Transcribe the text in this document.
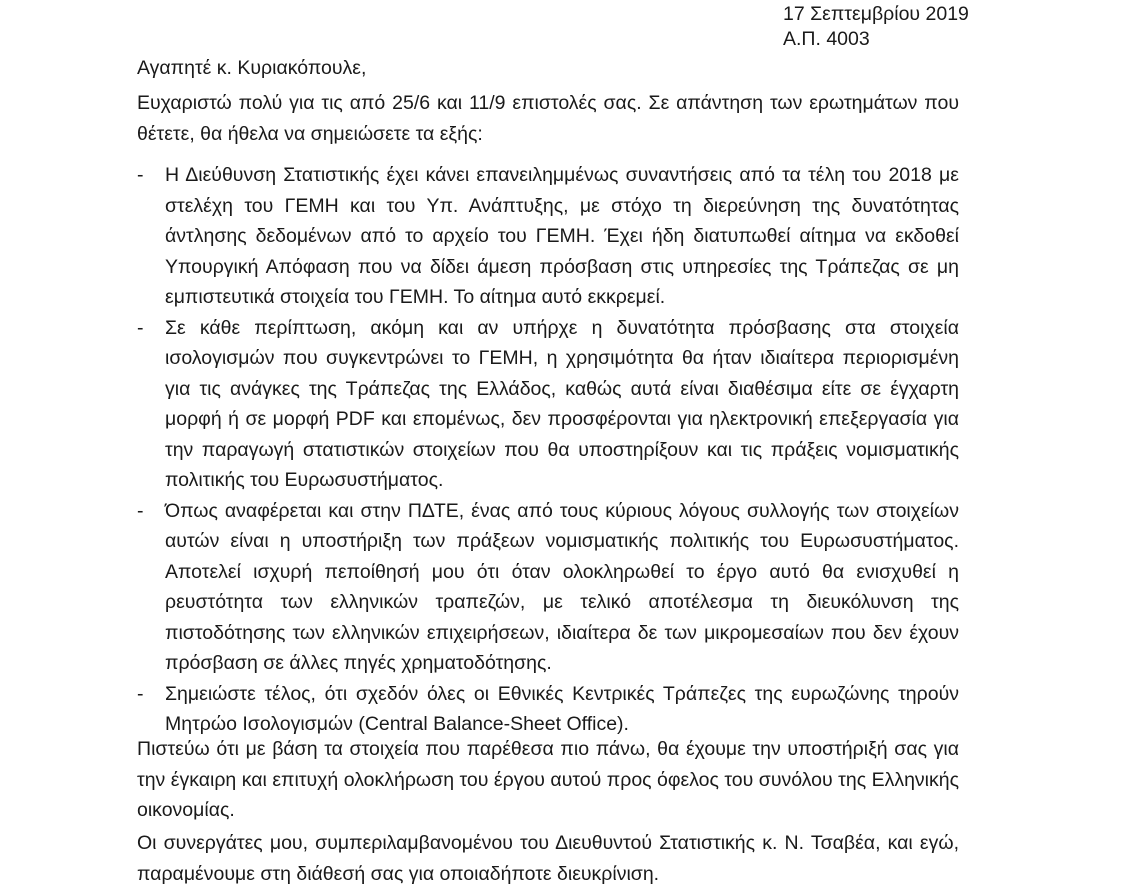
17 Σεπτεμβρίου 2019
Α.Π. 4003
Αγαπητέ κ. Κυριακόπουλε,
Ευχαριστώ πολύ για τις από 25/6 και 11/9 επιστολές σας. Σε απάντηση των ερωτημάτων που θέτετε, θα ήθελα να σημειώσετε τα εξής:
- Η Διεύθυνση Στατιστικής έχει κάνει επανειλημμένως συναντήσεις από τα τέλη του 2018 με στελέχη του ΓΕΜΗ και του Υπ. Ανάπτυξης, με στόχο τη διερεύνηση της δυνατότητας άντλησης δεδομένων από το αρχείο του ΓΕΜΗ. Έχει ήδη διατυπωθεί αίτημα να εκδοθεί Υπουργική Απόφαση που να δίδει άμεση πρόσβαση στις υπηρεσίες της Τράπεζας σε μη εμπιστευτικά στοιχεία του ΓΕΜΗ. Το αίτημα αυτό εκκρεμεί.
- Σε κάθε περίπτωση, ακόμη και αν υπήρχε η δυνατότητα πρόσβασης στα στοιχεία ισολογισμών που συγκεντρώνει το ΓΕΜΗ, η χρησιμότητα θα ήταν ιδιαίτερα περιορισμένη για τις ανάγκες της Τράπεζας της Ελλάδος, καθώς αυτά είναι διαθέσιμα είτε σε έγχαρτη μορφή ή σε μορφή PDF και επομένως, δεν προσφέρονται για ηλεκτρονική επεξεργασία για την παραγωγή στατιστικών στοιχείων που θα υποστηρίξουν και τις πράξεις νομισματικής πολιτικής του Ευρωσυστήματος.
- Όπως αναφέρεται και στην ΠΔΤΕ, ένας από τους κύριους λόγους συλλογής των στοιχείων αυτών είναι η υποστήριξη των πράξεων νομισματικής πολιτικής του Ευρωσυστήματος. Αποτελεί ισχυρή πεποίθησή μου ότι όταν ολοκληρωθεί το έργο αυτό θα ενισχυθεί η ρευστότητα των ελληνικών τραπεζών, με τελικό αποτέλεσμα τη διευκόλυνση της πιστοδότησης των ελληνικών επιχειρήσεων, ιδιαίτερα δε των μικρομεσαίων που δεν έχουν πρόσβαση σε άλλες πηγές χρηματοδότησης.
- Σημειώστε τέλος, ότι σχεδόν όλες οι Εθνικές Κεντρικές Τράπεζες της ευρωζώνης τηρούν Μητρώο Ισολογισμών (Central Balance-Sheet Office).
Πιστεύω ότι με βάση τα στοιχεία που παρέθεσα πιο πάνω, θα έχουμε την υποστήριξή σας για την έγκαιρη και επιτυχή ολοκλήρωση του έργου αυτού προς όφελος του συνόλου της Ελληνικής οικονομίας.
Οι συνεργάτες μου, συμπεριλαμβανομένου του Διευθυντού Στατιστικής κ. Ν. Τσαβέα, και εγώ, παραμένουμε στη διάθεσή σας για οποιαδήποτε διευκρίνιση.
